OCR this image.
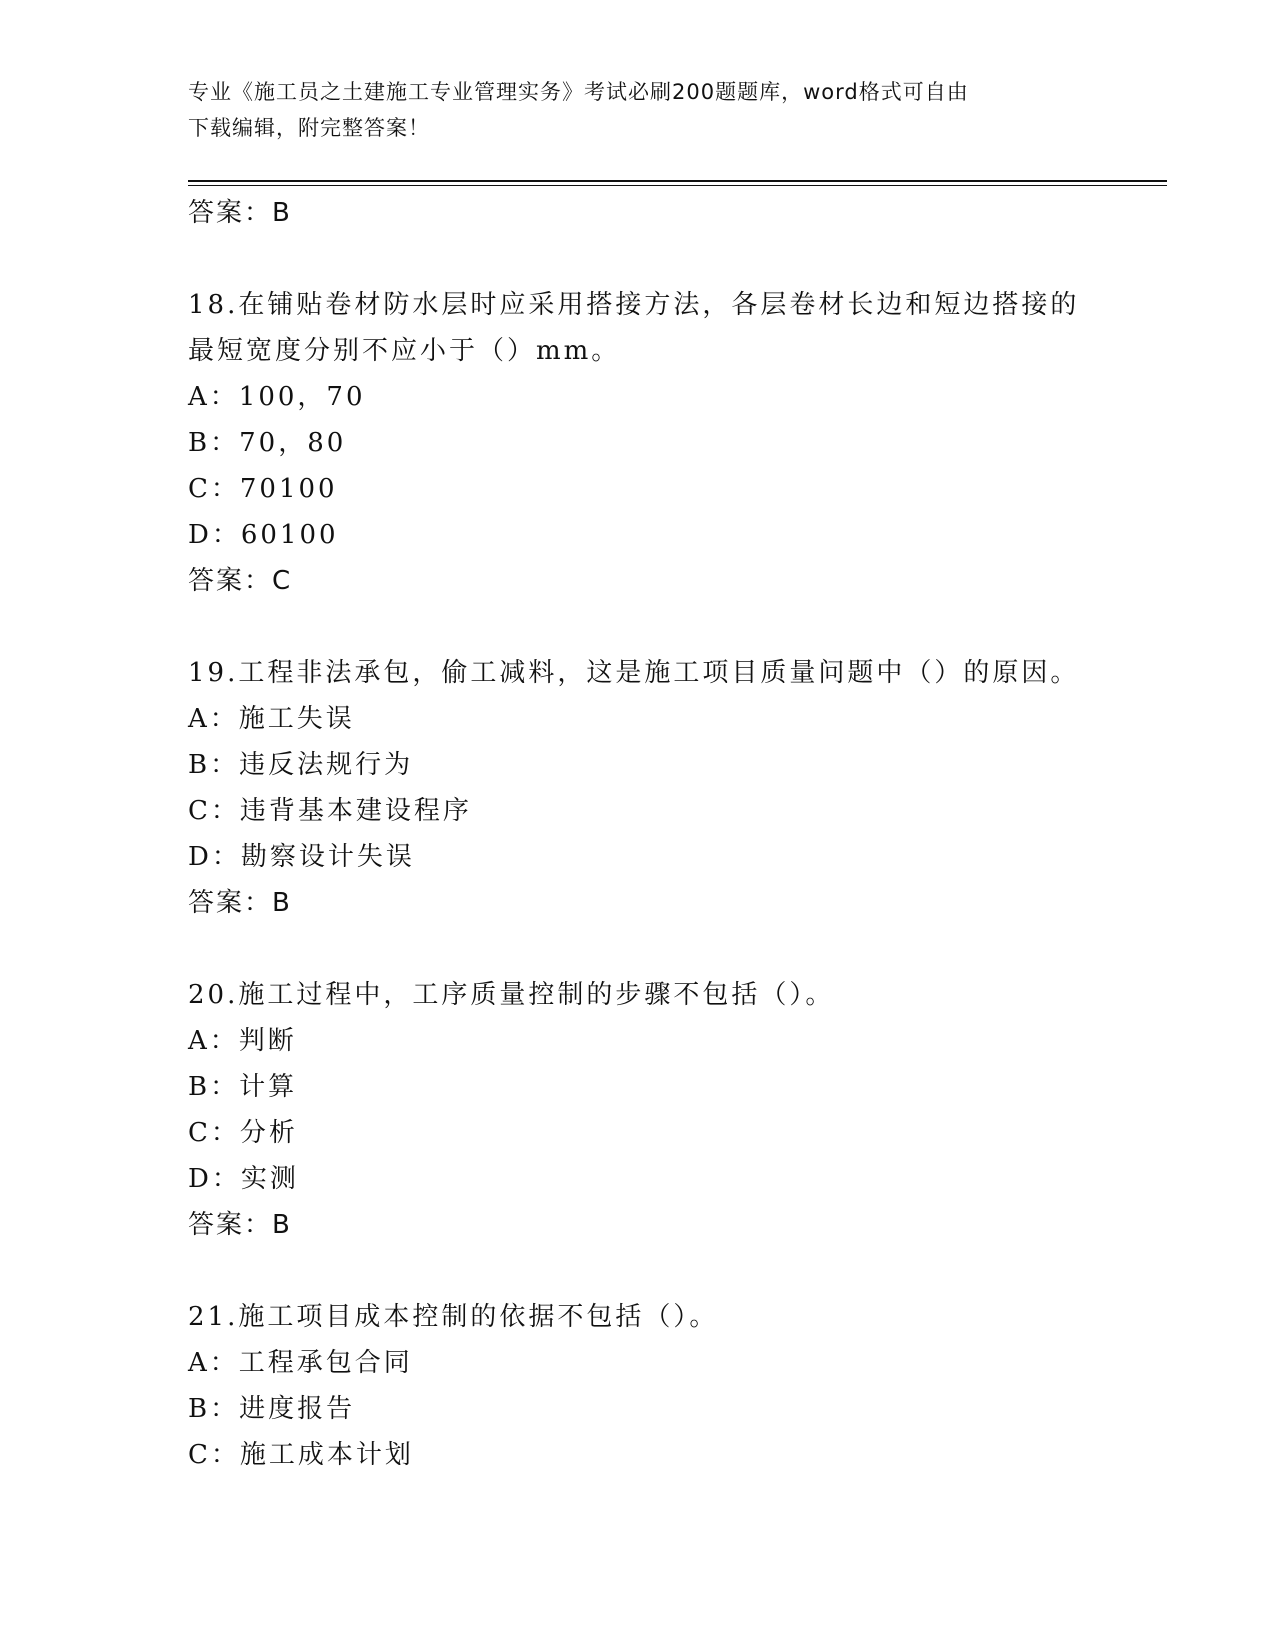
专业《施工员之土建施工专业管理实务》考试必刷200题题库，word格式可自由
下载编辑，附完整答案！
答案：B
18.在铺贴卷材防水层时应采用搭接方法，各层卷材长边和短边搭接的
最短宽度分别不应小于（）mm。
A：100，70
B：70，80
C：70100
D：60100
答案：C
19.工程非法承包，偷工减料，这是施工项目质量问题中（）的原因。
A：施工失误
B：违反法规行为
C：违背基本建设程序
D：勘察设计失误
答案：B
20.施工过程中，工序质量控制的步骤不包括（）。
A：判断
B：计算
C：分析
D：实测
答案：B
21.施工项目成本控制的依据不包括（）。
A：工程承包合同
B：进度报告
C：施工成本计划
